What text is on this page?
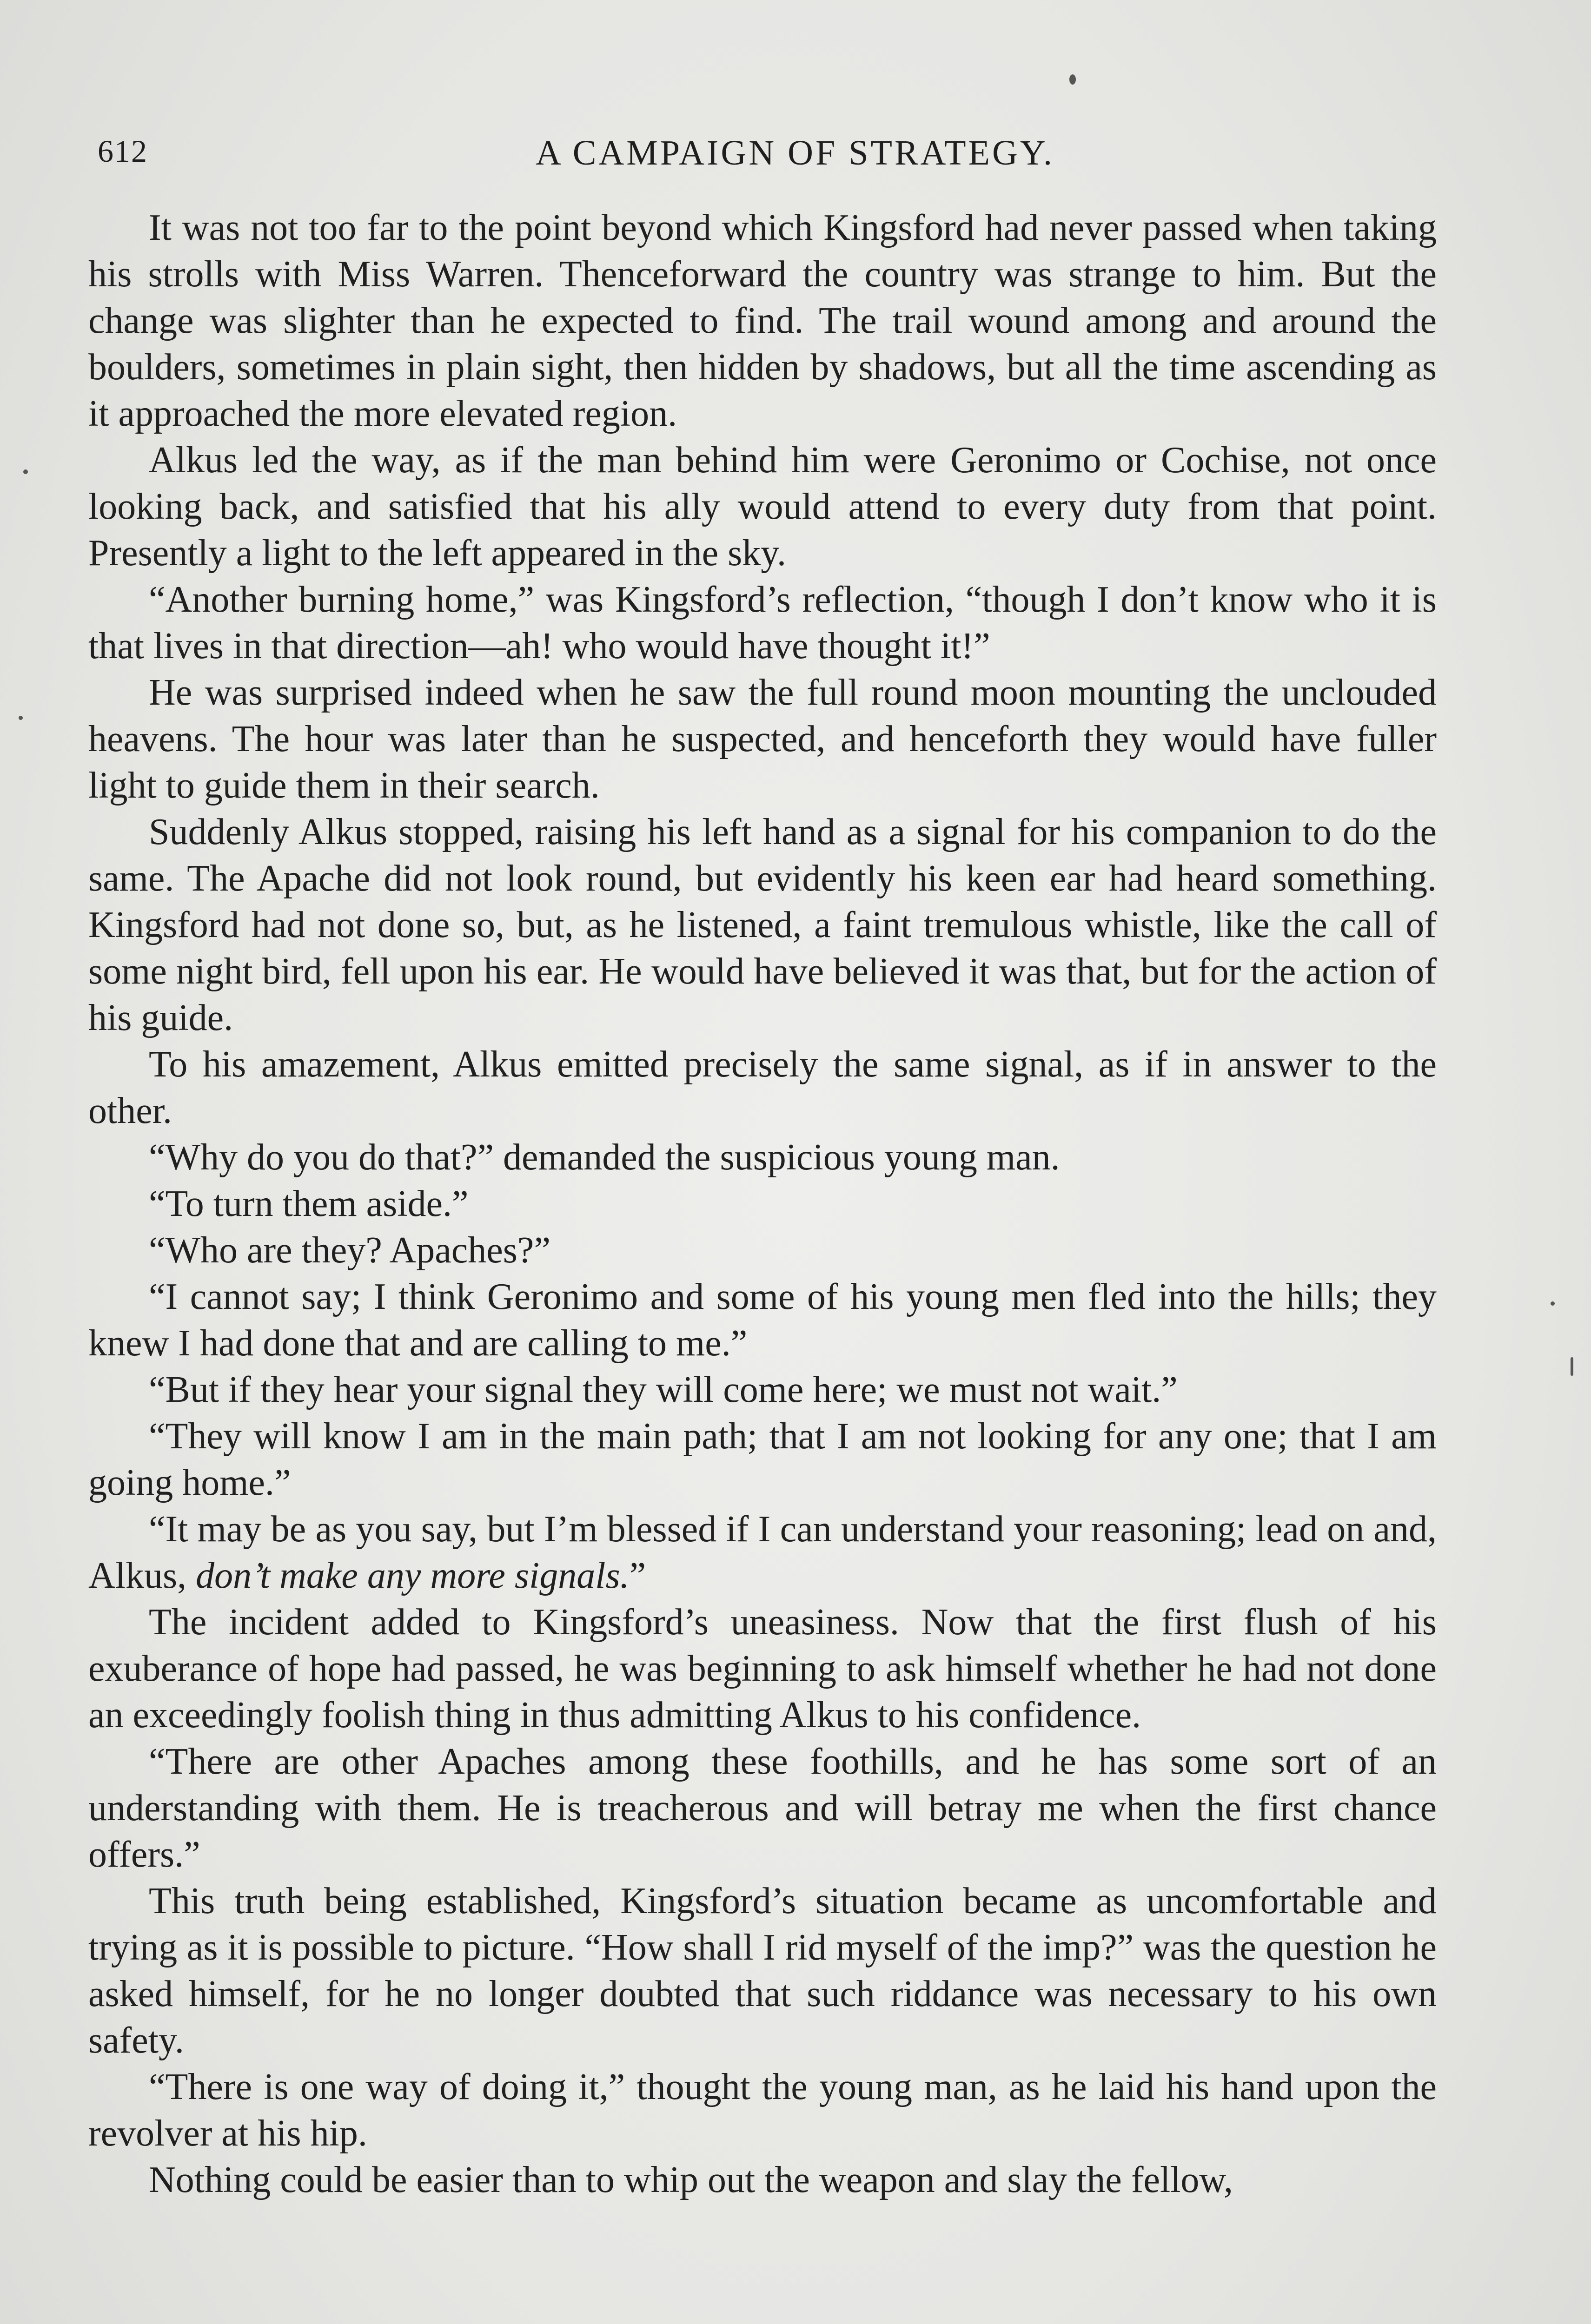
612	A CAMPAIGN OF STRATEGY.

It was not too far to the point beyond which Kingsford had never passed when taking his strolls with Miss Warren. Thenceforward the country was strange to him. But the change was slighter than he expected to find. The trail wound among and around the boulders, sometimes in plain sight, then hidden by shadows, but all the time ascending as it approached the more elevated region.

Alkus led the way, as if the man behind him were Geronimo or Cochise, not once looking back, and satisfied that his ally would attend to every duty from that point. Presently a light to the left appeared in the sky.

“Another burning home,” was Kingsford’s reflection, “though I don’t know who it is that lives in that direction—ah! who would have thought it!”

He was surprised indeed when he saw the full round moon mounting the unclouded heavens. The hour was later than he suspected, and henceforth they would have fuller light to guide them in their search.

Suddenly Alkus stopped, raising his left hand as a signal for his companion to do the same. The Apache did not look round, but evidently his keen ear had heard something. Kingsford had not done so, but, as he listened, a faint tremulous whistle, like the call of some night bird, fell upon his ear. He would have believed it was that, but for the action of his guide.

To his amazement, Alkus emitted precisely the same signal, as if in answer to the other.

“Why do you do that?” demanded the suspicious young man.

“To turn them aside.”

“Who are they? Apaches?”

“I cannot say; I think Geronimo and some of his young men fled into the hills; they knew I had done that and are calling to me.”

“But if they hear your signal they will come here; we must not wait.”

“They will know I am in the main path; that I am not looking for any one; that I am going home.”

“It may be as you say, but I’m blessed if I can understand your reasoning; lead on and, Alkus, don’t make any more signals.”

The incident added to Kingsford’s uneasiness. Now that the first flush of his exuberance of hope had passed, he was beginning to ask himself whether he had not done an exceedingly foolish thing in thus admitting Alkus to his confidence.

“There are other Apaches among these foothills, and he has some sort of an understanding with them. He is treacherous and will betray me when the first chance offers.”

This truth being established, Kingsford’s situation became as uncomfortable and trying as it is possible to picture. “How shall I rid myself of the imp?” was the question he asked himself, for he no longer doubted that such riddance was necessary to his own safety.

“There is one way of doing it,” thought the young man, as he laid his hand upon the revolver at his hip.

Nothing could be easier than to whip out the weapon and slay the fellow,
